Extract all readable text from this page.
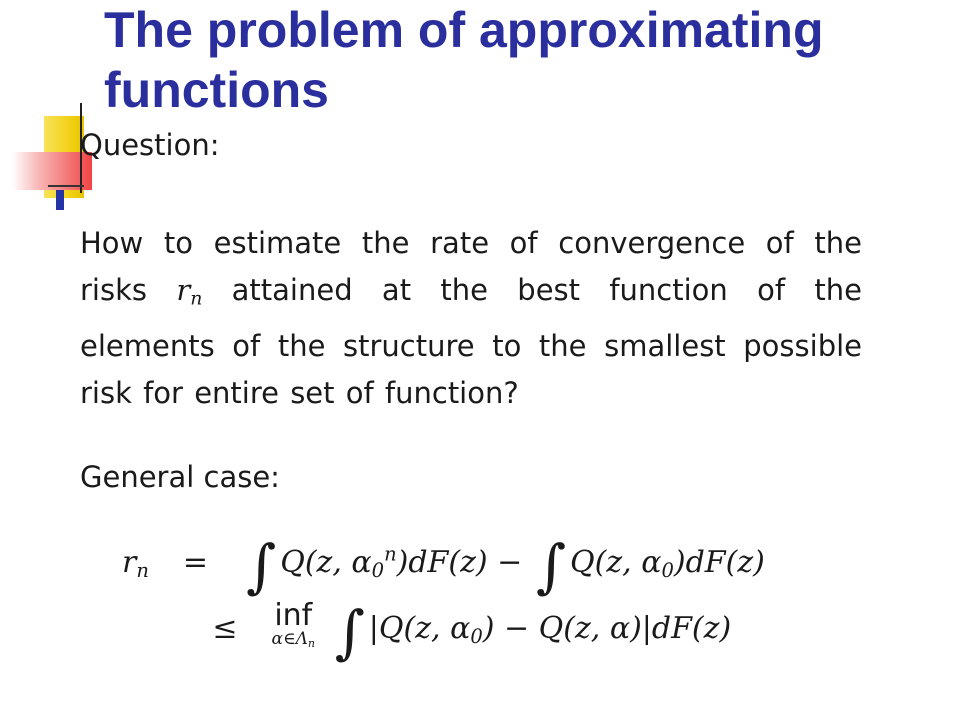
The problem of approximating functions

Question:

How to estimate the rate of convergence of the risks $r_n$ attained at the best function of the elements of the structure to the smallest possible risk for entire set of function?

General case:

$r_n$ = ∫ Q(z, $\alpha_0^n)dF(z)$ − ∫ Q(z, $\alpha_0)dF(z)$
≤ inf
$\alpha\in\Lambda_n$ ∫ |Q(z, $\alpha_0) - Q(z$, α)|dF(z)
